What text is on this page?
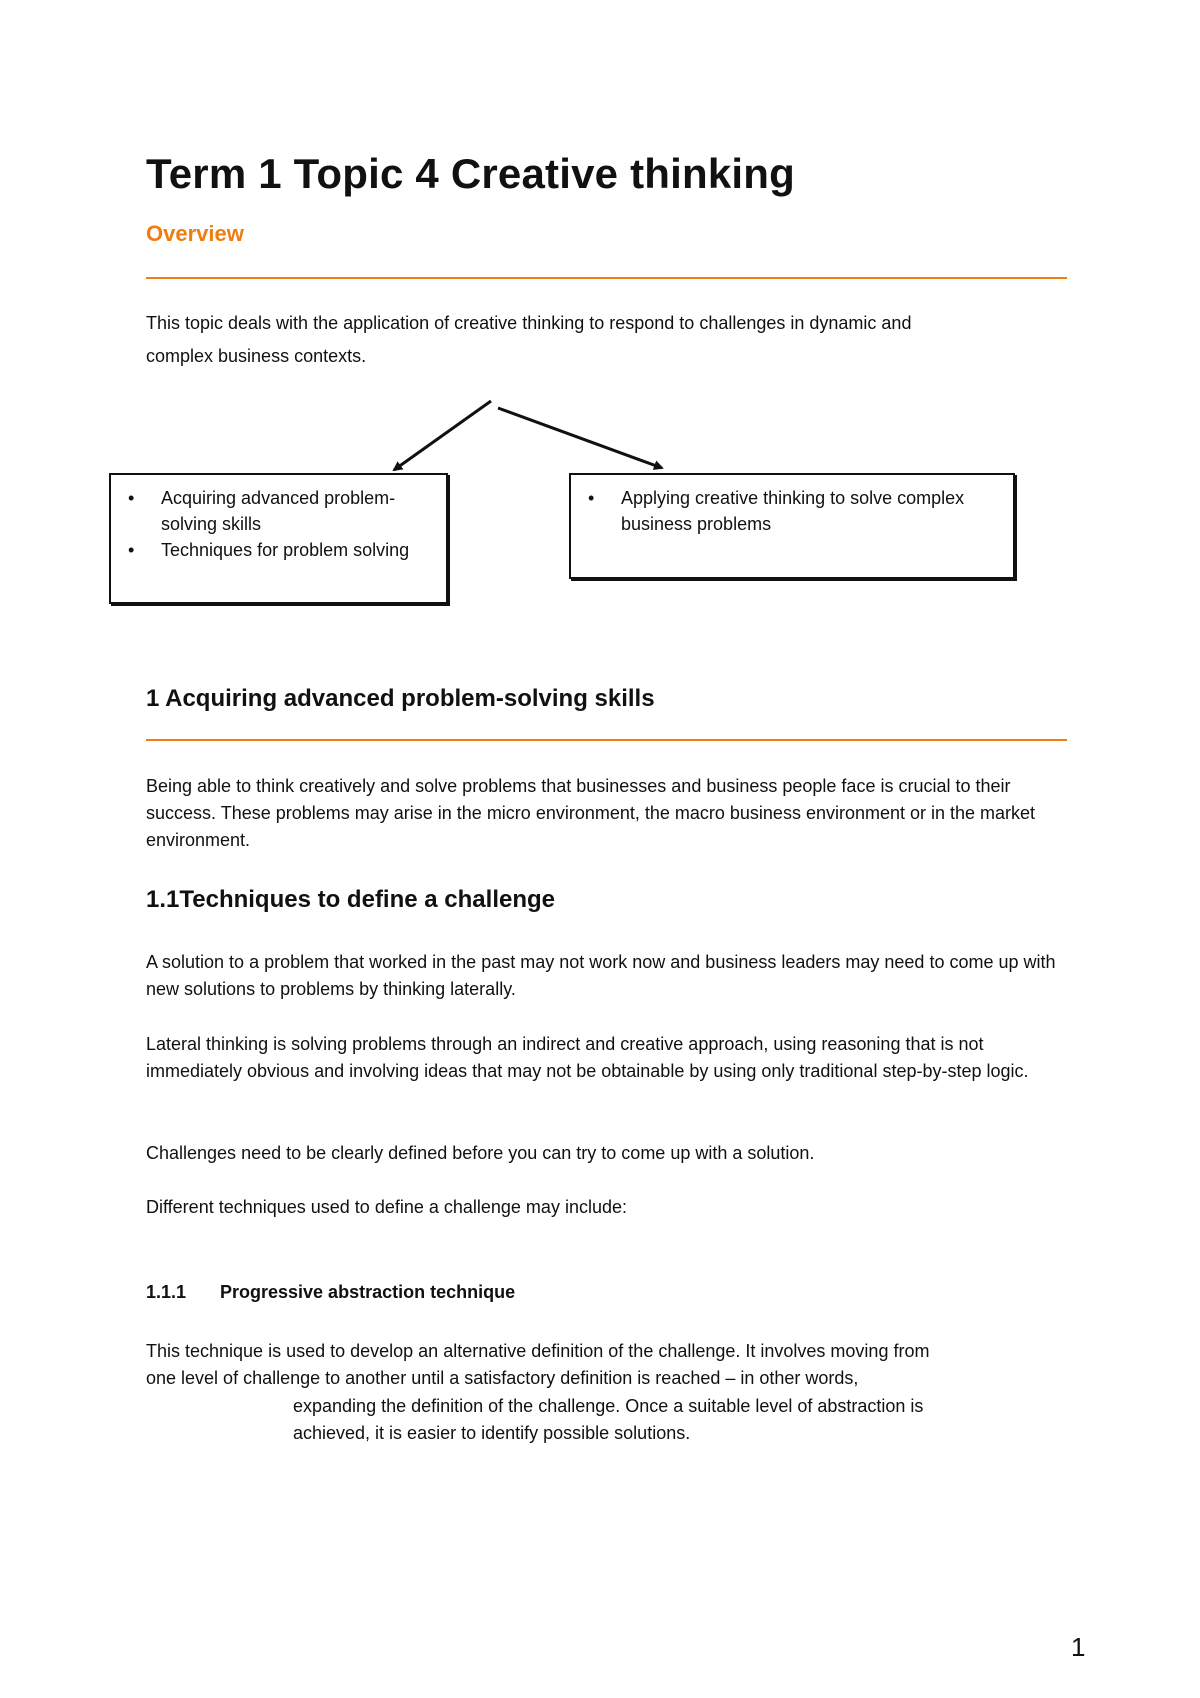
Term 1 Topic 4 Creative thinking
Overview

This topic deals with the application of creative thinking to respond to challenges in dynamic and

complex business contexts.

• Acquiring advanced problem-solving skills
• Techniques for problem solving
• Applying creative thinking to solve complex business problems
1 Acquiring advanced problem-solving skills

Being able to think creatively and solve problems that businesses and business people face is crucial to their success. These problems may arise in the micro environment, the macro business environment or in the market environment.

1.1Techniques to define a challenge

A solution to a problem that worked in the past may not work now and business leaders may need to come up with new solutions to problems by thinking laterally.

Lateral thinking is solving problems through an indirect and creative approach, using reasoning that is not immediately obvious and involving ideas that may not be obtainable by using only traditional step-by-step logic.

Challenges need to be clearly defined before you can try to come up with a solution.

Different techniques used to define a challenge may include:

1.1.1 Progressive abstraction technique

This technique is used to develop an alternative definition of the challenge. It involves moving from

one level of challenge to another until a satisfactory definition is reached – in other words,

expanding the definition of the challenge. Once a suitable level of abstraction is

achieved, it is easier to identify possible solutions.

1
